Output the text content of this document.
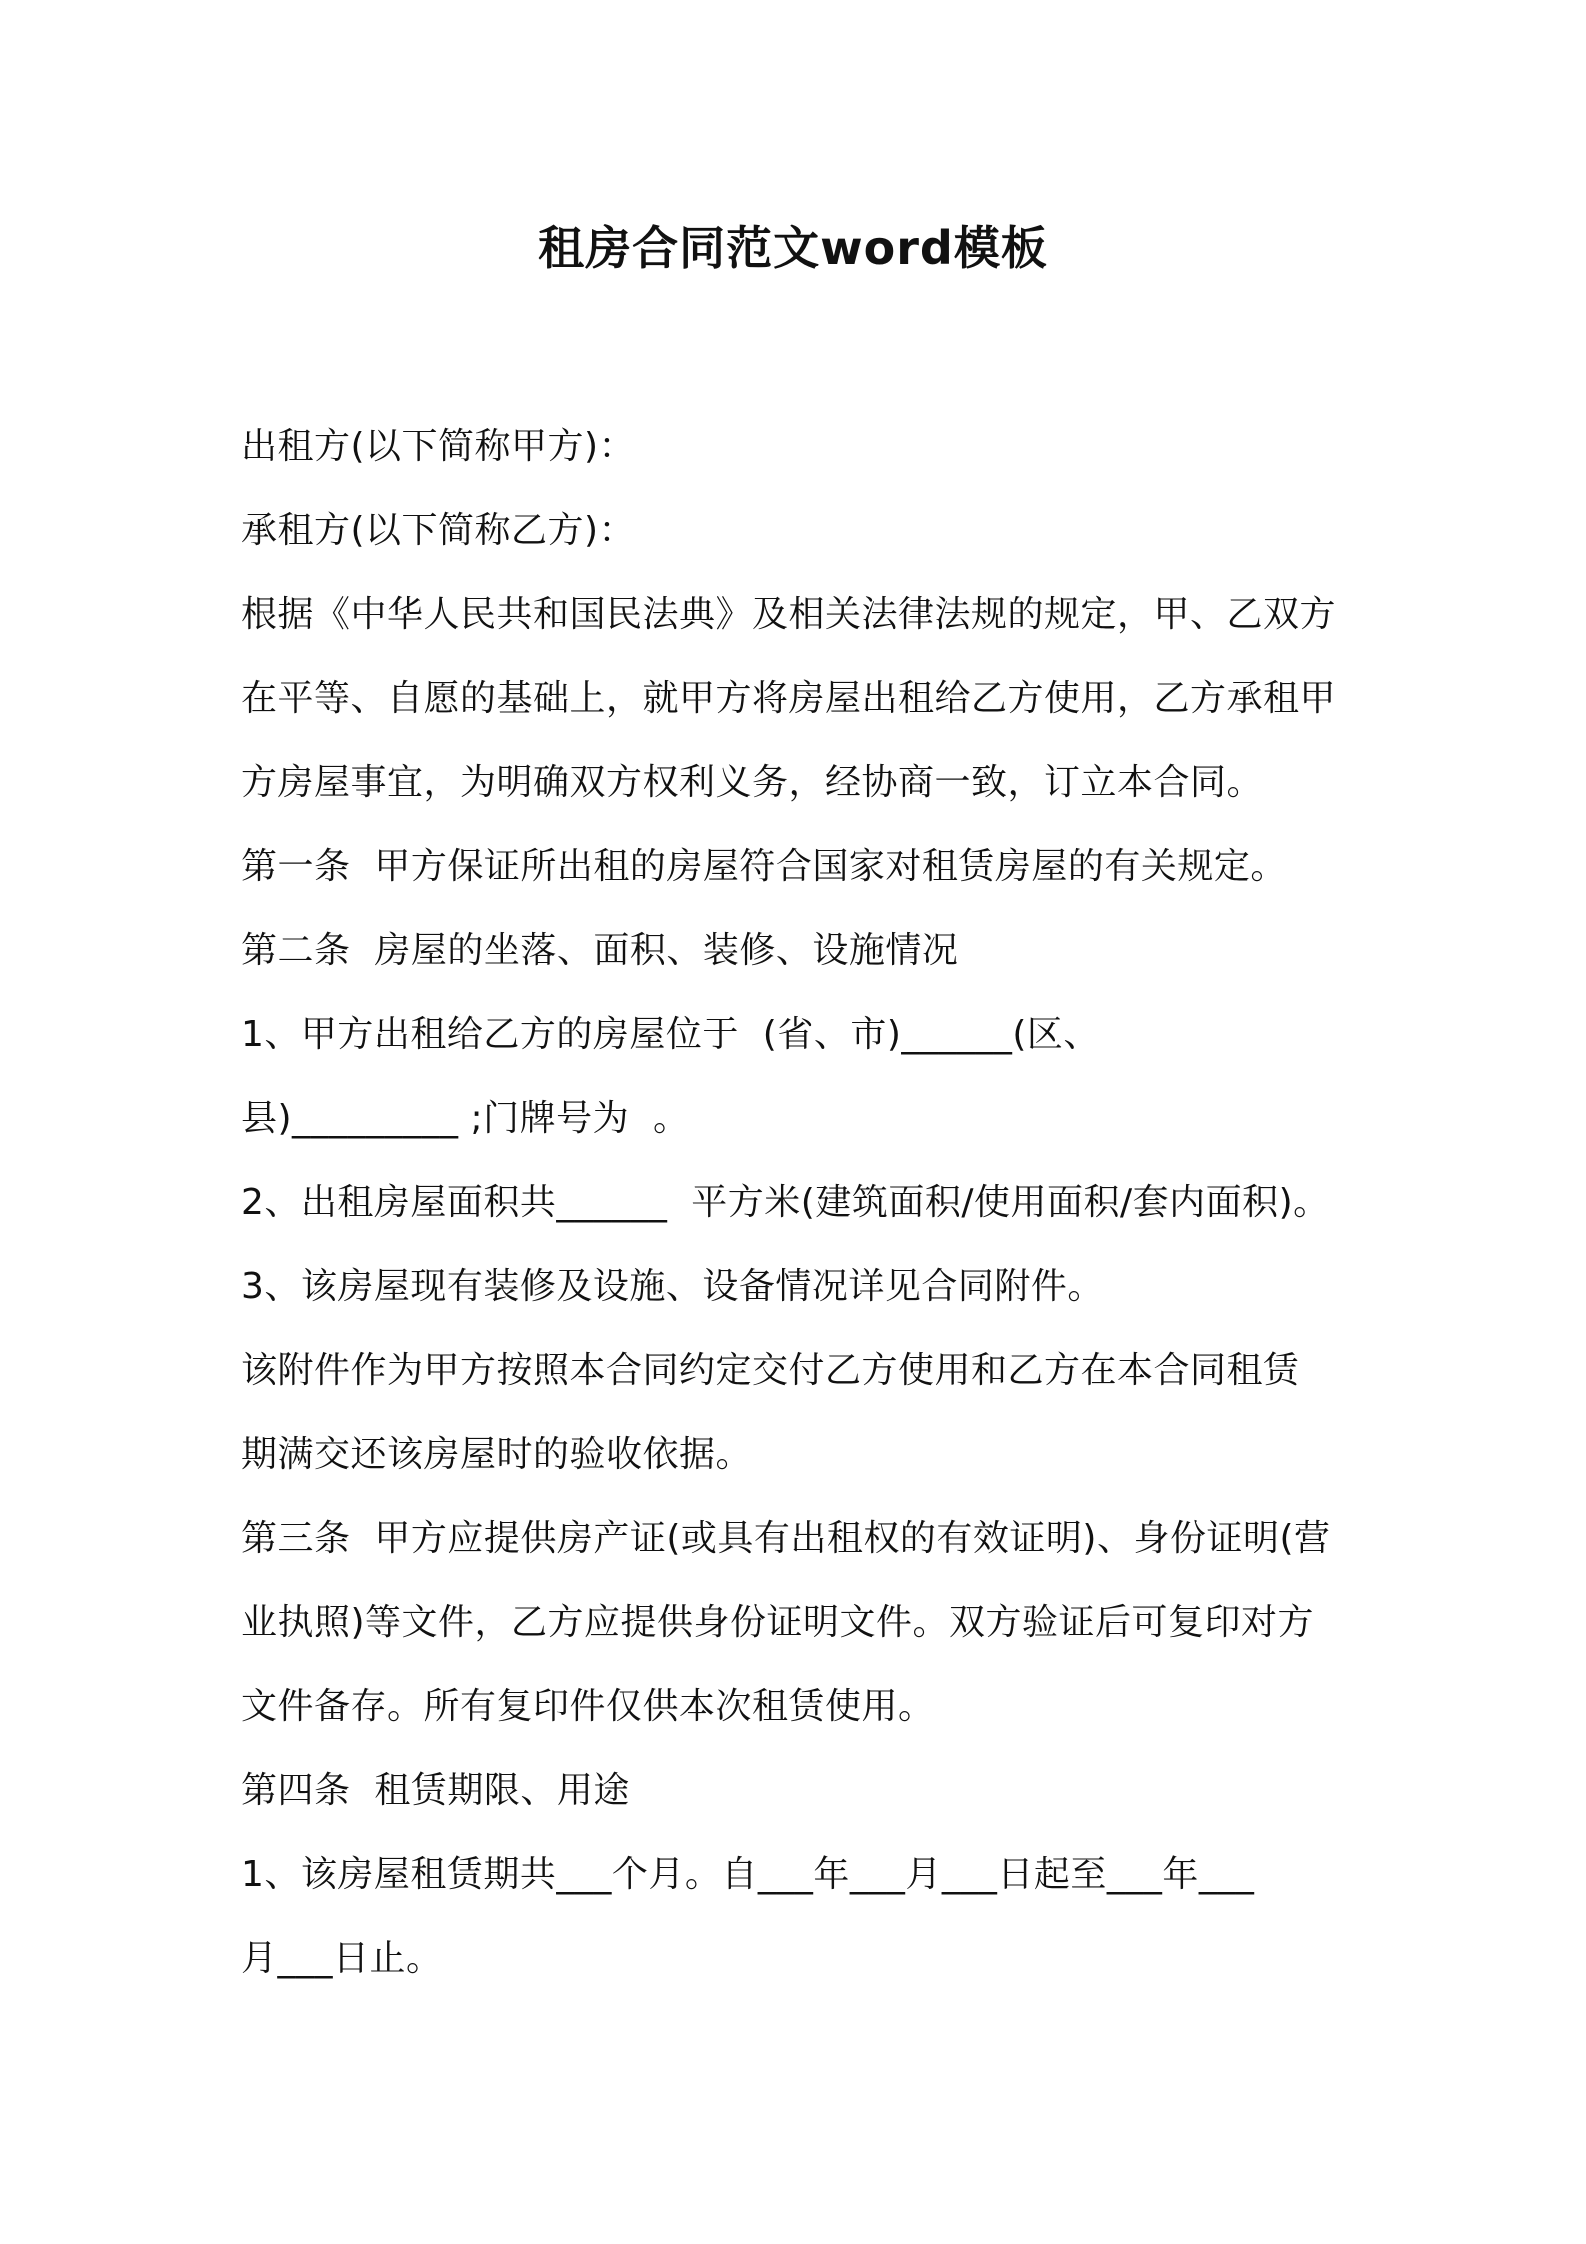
租房合同范文word模板
出租方(以下简称甲方)：
承租方(以下简称乙方)：
根据《中华人民共和国民法典》及相关法律法规的规定，甲、乙双方
在平等、自愿的基础上，就甲方将房屋出租给乙方使用，乙方承租甲
方房屋事宜，为明确双方权利义务，经协商一致，订立本合同。
第一条  甲方保证所出租的房屋符合国家对租赁房屋的有关规定。
第二条  房屋的坐落、面积、装修、设施情况
1、甲方出租给乙方的房屋位于  (省、市)______(区、
县)_________ ;门牌号为  。
2、出租房屋面积共______  平方米(建筑面积/使用面积/套内面积)。
3、该房屋现有装修及设施、设备情况详见合同附件。
该附件作为甲方按照本合同约定交付乙方使用和乙方在本合同租赁
期满交还该房屋时的验收依据。
第三条  甲方应提供房产证(或具有出租权的有效证明)、身份证明(营
业执照)等文件，乙方应提供身份证明文件。双方验证后可复印对方
文件备存。所有复印件仅供本次租赁使用。
第四条  租赁期限、用途
1、该房屋租赁期共___个月。自___年___月___日起至___年___
月___日止。
